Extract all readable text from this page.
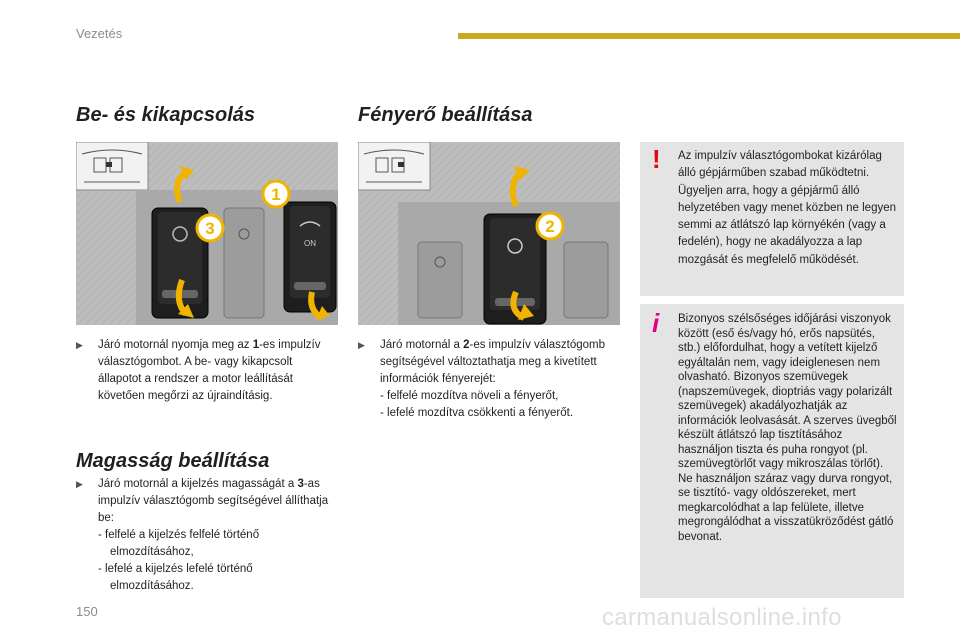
Vezetés
Be- és kikapcsolás	Fényerő beállítása
Magasság beállítása
ON
1
3	2
▶ Járó motornál nyomja meg az 1-es impulzív választógombot. A be- vagy kikapcsolt állapotot a rendszer a motor leállítását követően megőrzi az újraindításig.
▶ Járó motornál a 2-es impulzív választógomb segítségével változtathatja meg a kivetített információk fényerejét:
- felfelé mozdítva növeli a fényerőt,
- lefelé mozdítva csökkenti a fényerőt.
▶ Járó motornál a kijelzés magasságát a 3-as impulzív választógomb segítségével állíthatja be:
- felfelé a kijelzés felfelé történő
elmozdításához,
- lefelé a kijelzés lefelé történő
elmozdításához.
! Az impulzív választógombokat kizárólag álló gépjárműben szabad működtetni. Ügyeljen arra, hogy a gépjármű álló helyzetében vagy menet közben ne legyen semmi az átlátszó lap környékén (vagy a fedelén), hogy ne akadályozza a lap mozgását és megfelelő működését.
i Bizonyos szélsőséges időjárási viszonyok között (eső és/vagy hó, erős napsütés, stb.) előfordulhat, hogy a vetített kijelző egyáltalán nem, vagy ideiglenesen nem olvasható. Bizonyos szemüvegek (napszemüvegek, dioptriás vagy polarizált szemüvegek) akadályozhatják az információk leolvasását. A szerves üvegből készült átlátszó lap tisztításához használjon tiszta és puha rongyot (pl. szemüvegtörlőt vagy mikroszálas törlőt). Ne használjon száraz vagy durva rongyot, se tisztító- vagy oldószereket, mert megkarcolódhat a lap felülete, illetve megrongálódhat a visszatükröződést gátló bevonat.
150	carmanualsonline.info
